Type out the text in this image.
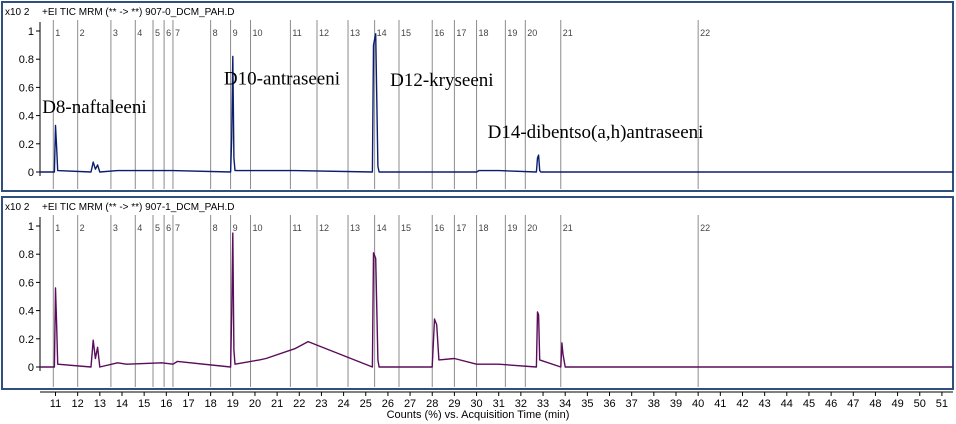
x10 2 +EI TIC MRM (** -> **) 907-0_DCM_PAH.D
0
0.2
0.4
0.6
0.8
1 1 2	3 4 5 6 7	8 9 10	11 12 13 14 15	16 17 18 19 20	21	22
D8-naftaleeni
D10-antraseeni	D12-kryseeni
D14-dibentso(a,h)antraseeni
x10 2 +EI TIC MRM (** -> **) 907-1_DCM_PAH.D
0
0.2
0.4
0.6
0.8
1 1 2	3 4 5 6 7	8 9 10	11 12 13 14 15	16 17 18 19 20	21	22
11 12 13 14 15 16 17 18 19 20 21 22 23 24 25 26 27 28 29 30 31 32 33 34 35 36 37 38 39 40 41 42 43 44 45 46 47 48 49 50 51
Counts (%) vs. Acquisition Time (min)
